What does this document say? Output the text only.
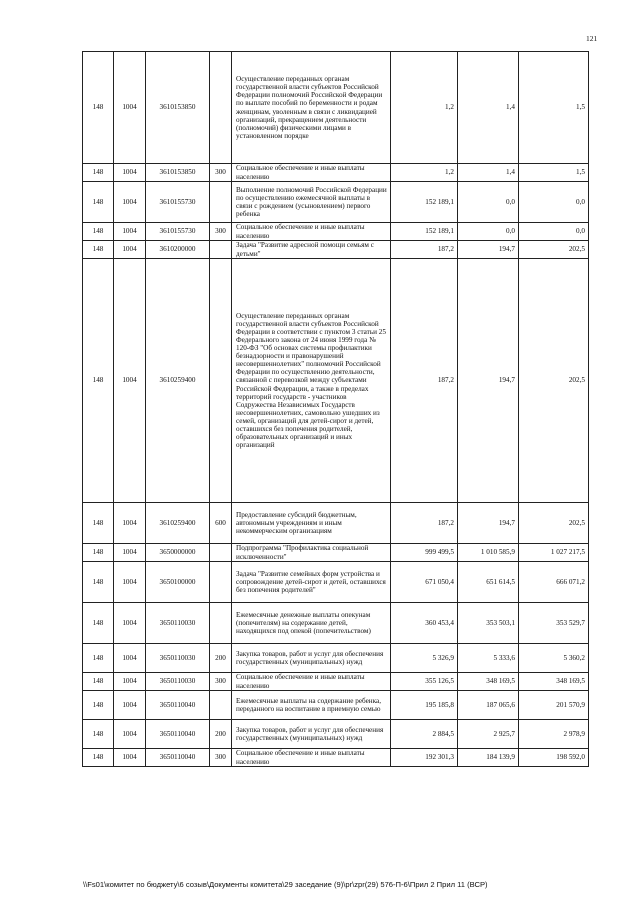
121
148	1004	3610153850		Осуществление переданных органам государственной власти субъектов Российской Федерации полномочий Российской Федерации по выплате пособий по беременности и родам женщинам, уволенным в связи с ликвидацией организаций, прекращением деятельности (полномочий) физическими лицами в установленном порядке	1,2	1,4	1,5
148	1004	3610153850	300	Социальное обеспечение и иные выплаты населению	1,2	1,4	1,5
148	1004	3610155730		Выполнение полномочий Российской Федерации по осуществлению ежемесячной выплаты в связи с рождением (усыновлением) первого ребенка	152 189,1	0,0	0,0
148	1004	3610155730	300	Социальное обеспечение и иные выплаты населению	152 189,1	0,0	0,0
148	1004	3610200000		Задача "Развитие адресной помощи семьям с детьми"	187,2	194,7	202,5
148	1004	3610259400		Осуществление переданных органам государственной власти субъектов Российской Федерации в соответствии с пунктом 3 статьи 25 Федерального закона от 24 июня 1999 года № 120-ФЗ "Об основах системы профилактики безнадзорности и правонарушений несовершеннолетних" полномочий Российской Федерации по осуществлению деятельности, связанной с перевозкой между субъектами Российской Федерации, а также в пределах территорий государств - участников Содружества Независимых Государств несовершеннолетних, самовольно ушедших из семей, организаций для детей-сирот и детей, оставшихся без попечения родителей, образовательных организаций и иных организаций	187,2	194,7	202,5
148	1004	3610259400	600	Предоставление субсидий бюджетным, автономным учреждениям и иным некоммерческим организациям	187,2	194,7	202,5
148	1004	3650000000		Подпрограмма "Профилактика социальной исключенности"	999 499,5	1 010 585,9	1 027 217,5
148	1004	3650100000		Задача "Развитие семейных форм устройства и сопровождение детей-сирот и детей, оставшихся без попечения родителей"	671 050,4	651 614,5	666 071,2
148	1004	3650110030		Ежемесячные денежные выплаты опекунам (попечителям) на содержание детей, находящихся под опекой (попечительством)	360 453,4	353 503,1	353 529,7
148	1004	3650110030	200	Закупка товаров, работ и услуг для обеспечения государственных (муниципальных) нужд	5 326,9	5 333,6	5 360,2
148	1004	3650110030	300	Социальное обеспечение и иные выплаты населению	355 126,5	348 169,5	348 169,5
148	1004	3650110040		Ежемесячные выплаты на содержание ребенка, переданного на воспитание в приемную семью	195 185,8	187 065,6	201 570,9
148	1004	3650110040	200	Закупка товаров, работ и услуг для обеспечения государственных (муниципальных) нужд	2 884,5	2 925,7	2 978,9
148	1004	3650110040	300	Социальное обеспечение и иные выплаты населению	192 301,3	184 139,9	198 592,0
\\Fs01\комитет по бюджету\6 созыв\Документы комитета\29 заседание (9)\pr\zpr(29) 576-П-6\Прил 2 Прил 11 (ВСР)
